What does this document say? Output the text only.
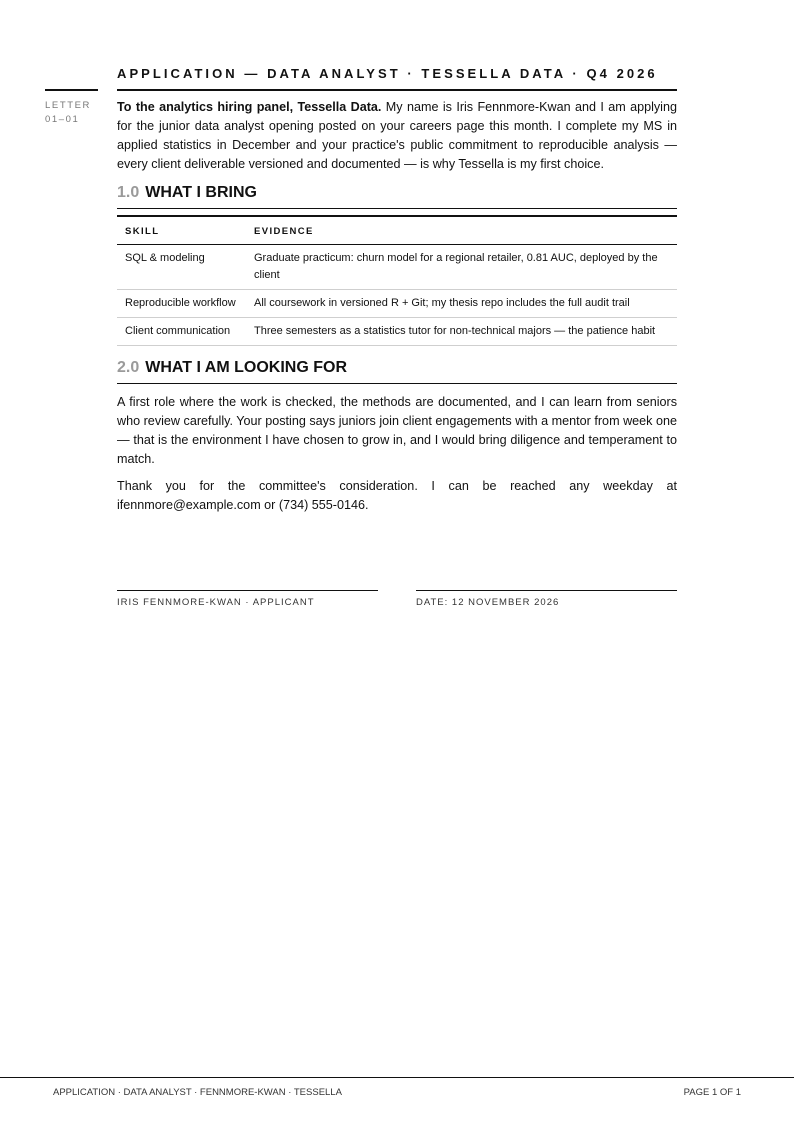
APPLICATION — DATA ANALYST · TESSELLA DATA · Q4 2026
LETTER
01–01

To the analytics hiring panel, Tessella Data. My name is Iris Fennmore-Kwan and I am applying for the junior data analyst opening posted on your careers page this month. I complete my MS in applied statistics in December and your practice's public commitment to reproducible analysis — every client deliverable versioned and documented — is why Tessella is my first choice.

1.0 WHAT I BRING
SKILL	EVIDENCE
SQL & modeling	Graduate practicum: churn model for a regional retailer, 0.81 AUC, deployed by the client
Reproducible workflow	All coursework in versioned R + Git; my thesis repo includes the full audit trail
Client communication	Three semesters as a statistics tutor for non-technical majors — the patience habit
2.0 WHAT I AM LOOKING FOR

A first role where the work is checked, the methods are documented, and I can learn from seniors who review carefully. Your posting says juniors join client engagements with a mentor from week one — that is the environment I have chosen to grow in, and I would bring diligence and temperament to match.

Thank you for the committee's consideration. I can be reached any weekday at ifennmore@example.com or (734) 555-0146.

IRIS FENNMORE-KWAN · APPLICANT	DATE: 12 NOVEMBER 2026
APPLICATION · DATA ANALYST · FENNMORE-KWAN · TESSELLA	PAGE 1 OF 1
